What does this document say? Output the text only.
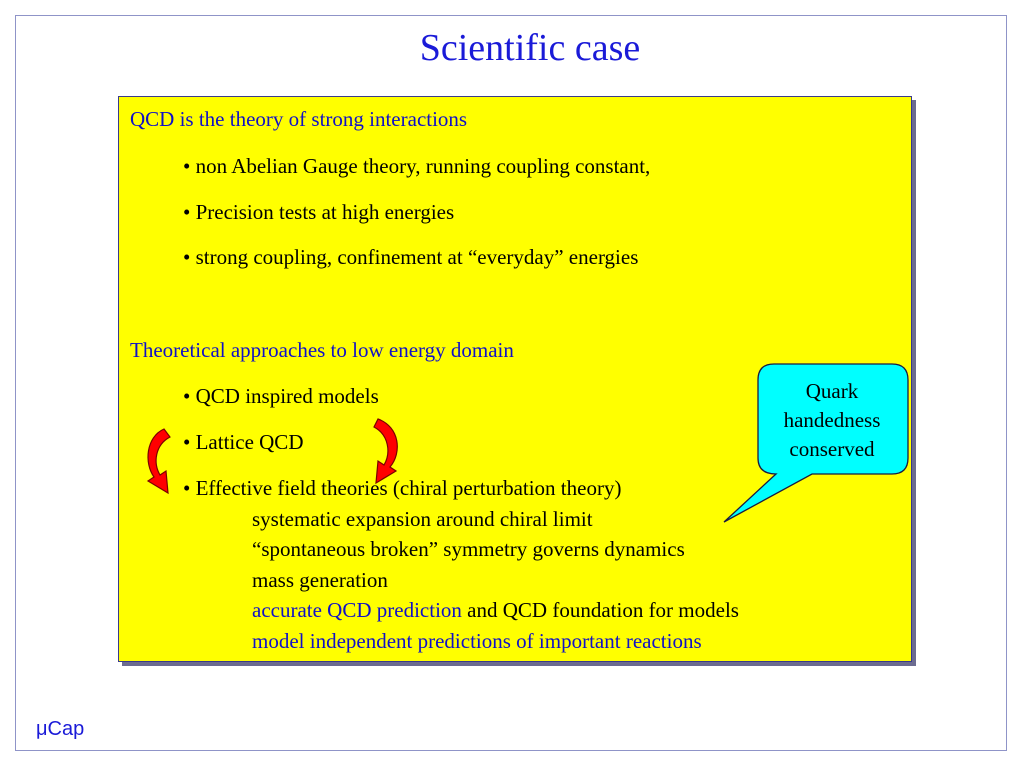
Scientific case
QCD is the theory of strong interactions
• non Abelian Gauge theory, running coupling constant,
• Precision tests at high energies
• strong coupling, confinement at “everyday” energies
Theoretical approaches to low energy domain
• QCD inspired models
• Lattice QCD
• Effective field theories (chiral perturbation theory)
systematic expansion around chiral limit
“spontaneous broken” symmetry governs dynamics
mass generation
accurate QCD prediction and QCD foundation for models
model independent predictions of important reactions
Quark
handedness
conserved
μCap
